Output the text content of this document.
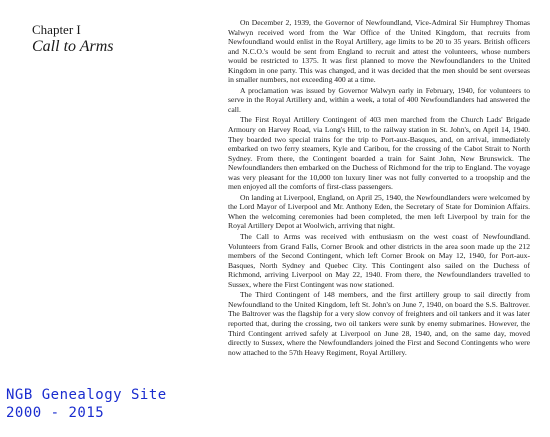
Chapter I

Call to Arms

On December 2, 1939, the Governor of Newfoundland, Vice-Admiral Sir Humphrey Thomas Walwyn received word from the War Office of the United Kingdom, that recruits from Newfoundland would enlist in the Royal Artillery, age limits to be 20 to 35 years. British officers and N.C.O.'s would be sent from England to recruit and attest the volunteers, whose numbers would be restricted to 1375. It was first planned to move the Newfoundlanders to the United Kingdom in one party. This was changed, and it was decided that the men should be sent overseas in smaller numbers, not exceeding 400 at a time.

A proclamation was issued by Governor Walwyn early in February, 1940, for volunteers to serve in the Royal Artillery and, within a week, a total of 400 Newfoundlanders had answered the call.

The First Royal Artillery Contingent of 403 men marched from the Church Lads' Brigade Armoury on Harvey Road, via Long's Hill, to the railway station in St. John's, on April 14, 1940. They boarded two special trains for the trip to Port-aux-Basques, and, on arrival, immediately embarked on two ferry steamers, Kyle and Caribou, for the crossing of the Cabot Strait to North Sydney. From there, the Contingent boarded a train for Saint John, New Brunswick. The Newfoundlanders then embarked on the Duchess of Richmond for the trip to England. The voyage was very pleasant for the 10,000 ton luxury liner was not fully converted to a troopship and the men enjoyed all the comforts of first-class passengers.

On landing at Liverpool, England, on April 25, 1940, the Newfoundlanders were welcomed by the Lord Mayor of Liverpool and Mr. Anthony Eden, the Secretary of State for Dominion Affairs. When the welcoming ceremonies had been completed, the men left Liverpool by train for the Royal Artillery Depot at Woolwich, arriving that night.

The Call to Arms was received with enthusiasm on the west coast of Newfoundland. Volunteers from Grand Falls, Corner Brook and other districts in the area soon made up the 212 members of the Second Contingent, which left Corner Brook on May 12, 1940, for Port-aux-Basques, North Sydney and Quebec City. This Contingent also sailed on the Duchess of Richmond, arriving Liverpool on May 22, 1940. From there, the Newfoundlanders travelled to Sussex, where the First Contingent was now stationed.

The Third Contingent of 148 members, and the first artillery group to sail directly from Newfoundland to the United Kingdom, left St. John's on June 7, 1940, on board the S.S. Baltrover. The Baltrover was the flagship for a very slow convoy of freighters and oil tankers and it was later reported that, during the crossing, two oil tankers were sunk by enemy submarines. However, the Third Contingent arrived safely at Liverpool on June 28, 1940, and, on the same day, moved directly to Sussex, where the Newfoundlanders joined the First and Second Contingents who were now attached to the 57th Heavy Regiment, Royal Artillery.

NGB Genealogy Site
2000 - 2015
